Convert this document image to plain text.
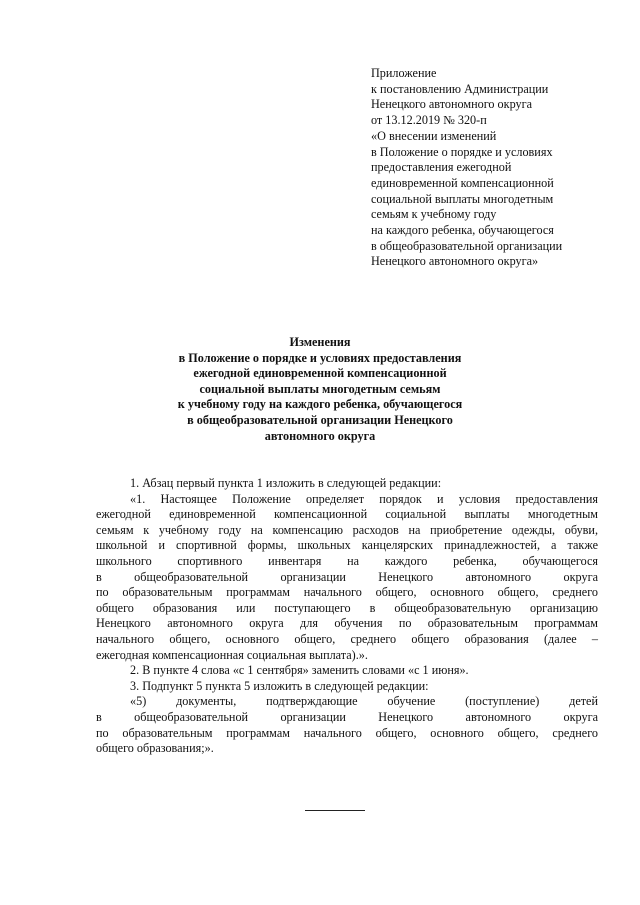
Приложение
к постановлению Администрации
Ненецкого автономного округа
от 13.12.2019 № 320-п
«О внесении изменений
в Положение о порядке и условиях
предоставления ежегодной
единовременной компенсационной
социальной выплаты многодетным
семьям к учебному году
на каждого ребенка, обучающегося
в общеобразовательной организации
Ненецкого автономного округа»
Изменения
в Положение о порядке и условиях предоставления
ежегодной единовременной компенсационной
социальной выплаты многодетным семьям
к учебному году на каждого ребенка, обучающегося
в общеобразовательной организации Ненецкого
автономного округа
1. Абзац первый пункта 1 изложить в следующей редакции:
«1. Настоящее Положение определяет порядок и условия предоставления
ежегодной единовременной компенсационной социальной выплаты многодетным
семьям к учебному году на компенсацию расходов на приобретение одежды, обуви,
школьной и спортивной формы, школьных канцелярских принадлежностей, а также
школьного спортивного инвентаря на каждого ребенка, обучающегося
в общеобразовательной организации Ненецкого автономного округа
по образовательным программам начального общего, основного общего, среднего
общего образования или поступающего в общеобразовательную организацию
Ненецкого автономного округа для обучения по образовательным программам
начального общего, основного общего, среднего общего образования (далее –
ежегодная компенсационная социальная выплата).».
2. В пункте 4 слова «с 1 сентября» заменить словами «с 1 июня».
3. Подпункт 5 пункта 5 изложить в следующей редакции:
«5) документы, подтверждающие обучение (поступление) детей
в общеобразовательной организации Ненецкого автономного округа
по образовательным программам начального общего, основного общего, среднего
общего образования;».
